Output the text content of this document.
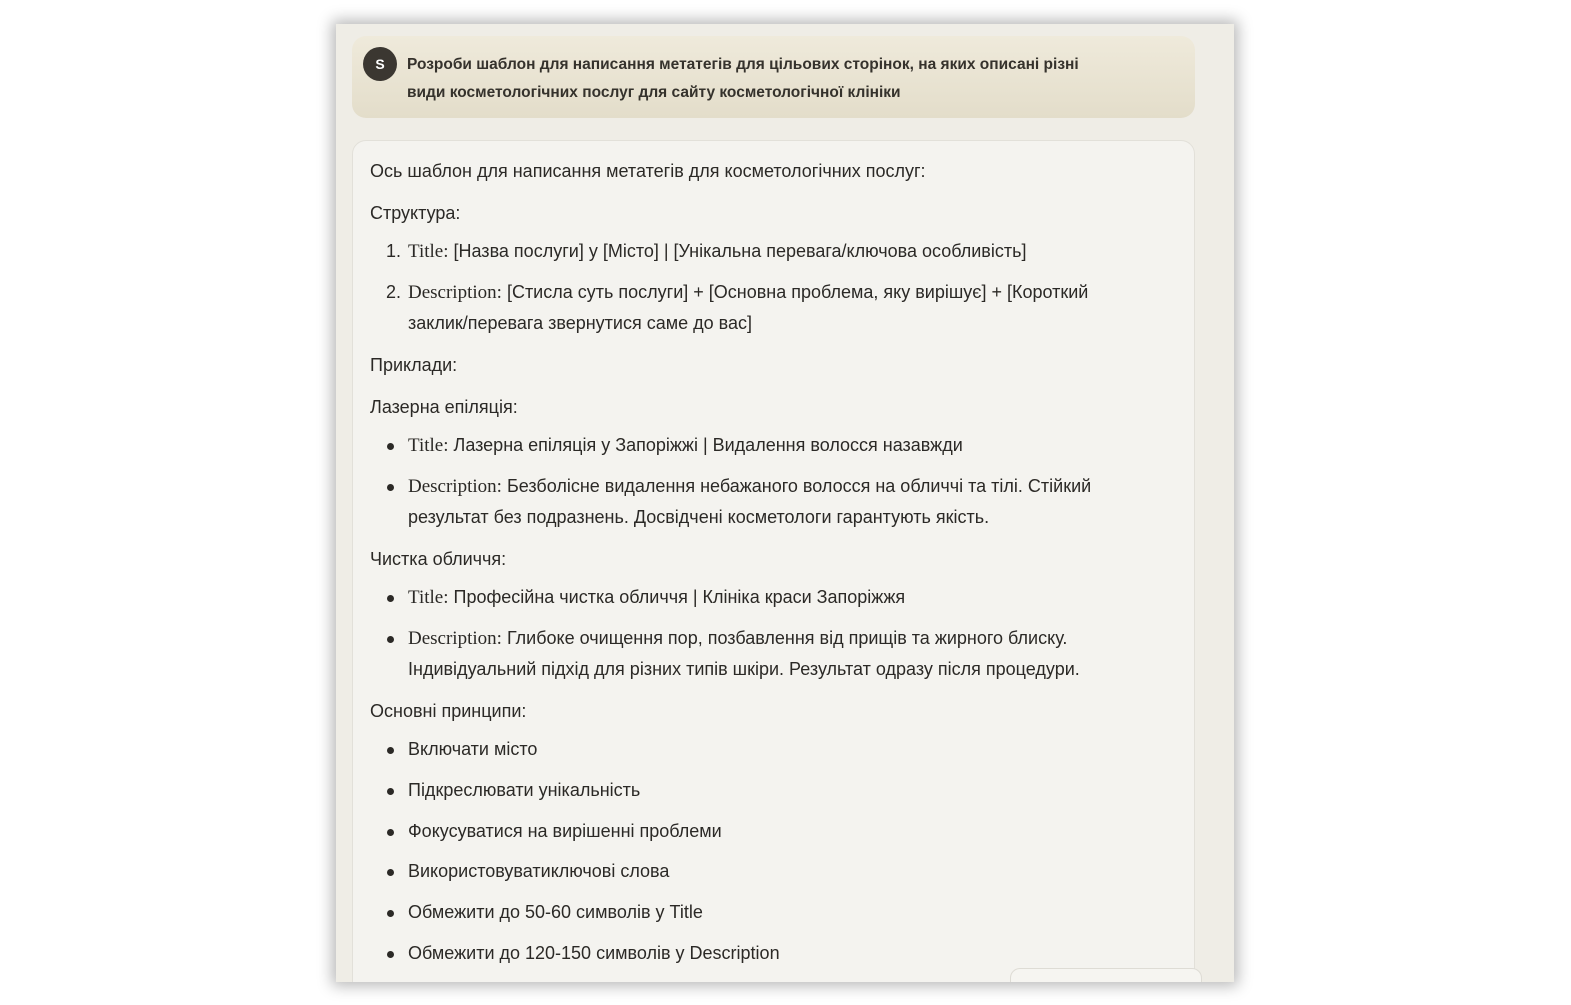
S	Розроби шаблон для написання метатегів для цільових сторінок, на яких описані різні
види косметологічних послуг для сайту косметологічної клініки
Ось шаблон для написання метатегів для косметологічних послуг:
Структура:
1. Title: [Назва послуги] у [Місто] | [Унікальна перевага/ключова особливість]
2. Description: [Стисла суть послуги] + [Основна проблема, яку вирішує] + [Короткий
заклик/перевага звернутися саме до вас]
Приклади:
Лазерна епіляція:
Title: Лазерна епіляція у Запоріжжі | Видалення волосся назавжди
Description: Безболісне видалення небажаного волосся на обличчі та тілі. Стійкий
результат без подразнень. Досвідчені косметологи гарантують якість.
Чистка обличчя:
Title: Професійна чистка обличчя | Клініка краси Запоріжжя
Description: Глибоке очищення пор, позбавлення від прищів та жирного блиску.
Індивідуальний підхід для різних типів шкіри. Результат одразу після процедури.
Основні принципи:
Включати місто
Підкреслювати унікальність
Фокусуватися на вирішенні проблеми
Використовуватиключові слова
Обмежити до 50-60 символів у Title
Обмежити до 120-150 символів у Description
